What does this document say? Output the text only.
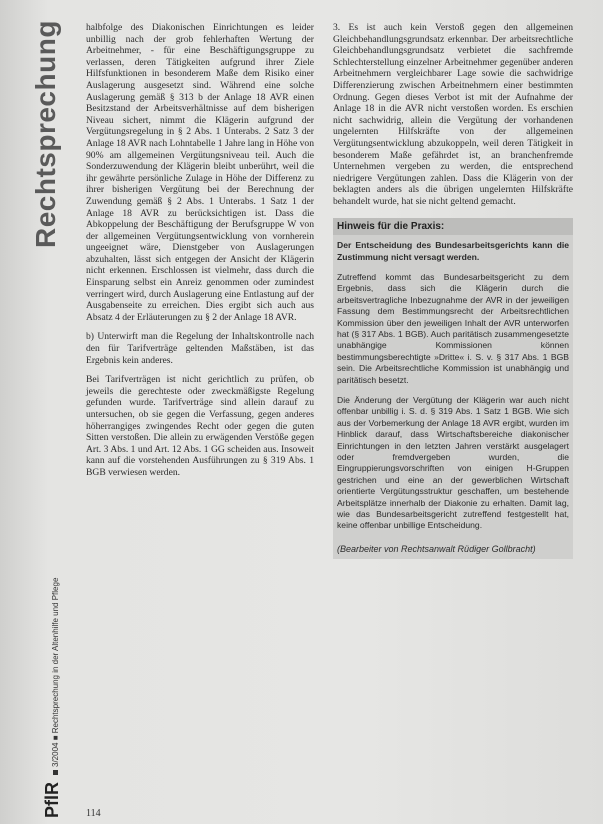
Rechtsprechung
PflR3/2004 ■ Rechtsprechung in der Altenhilfe und Pflege

halbfolge des Diakonischen Einrichtungen es leider unbillig nach der grob fehlerhaften Wertung der Arbeitnehmer, - für eine Beschäftigungsgruppe zu verlassen, deren Tätigkeiten aufgrund ihrer Ziele Hilfsfunktionen in besonderem Maße dem Risiko einer Auslagerung ausgesetzt sind. Während eine solche Auslagerung gemäß § 313 b der Anlage 18 AVR einen Besitzstand der Arbeitsverhältnisse auf dem bisherigen Niveau sichert, nimmt die Klägerin aufgrund der Vergütungsregelung in § 2 Abs. 1 Unterabs. 2 Satz 3 der Anlage 18 AVR nach Lohntabelle 1 Jahre lang in Höhe von 90% am allgemeinen Vergütungsniveau teil. Auch die Sonderzuwendung der Klägerin bleibt unberührt, weil die ihr gewährte persönliche Zulage in Höhe der Differenz zu ihrer bisherigen Vergütung bei der Berechnung der Zuwendung gemäß § 2 Abs. 1 Unterabs. 1 Satz 1 der Anlage 18 AVR zu berücksichtigen ist. Dass die Abkoppelung der Beschäftigung der Berufsgruppe W von der allgemeinen Vergütungsentwicklung von vornherein ungeeignet wäre, Dienstgeber von Auslagerungen abzuhalten, lässt sich entgegen der Ansicht der Klägerin nicht erkennen. Erschlossen ist vielmehr, dass durch die Einsparung selbst ein Anreiz genommen oder zumindest verringert wird, durch Auslagerung eine Entlastung auf der Ausgabenseite zu erreichen. Dies ergibt sich auch aus Absatz 4 der Erläuterungen zu § 2 der Anlage 18 AVR.

b) Unterwirft man die Regelung der Inhaltskontrolle nach den für Tarifverträge geltenden Maßstäben, ist das Ergebnis kein anderes.

Bei Tarifverträgen ist nicht gerichtlich zu prüfen, ob jeweils die gerechteste oder zweckmäßigste Regelung gefunden wurde. Tarifverträge sind allein darauf zu untersuchen, ob sie gegen die Verfassung, gegen anderes höherrangiges zwingendes Recht oder gegen die guten Sitten verstoßen. Die allein zu erwägenden Verstöße gegen Art. 3 Abs. 1 und Art. 12 Abs. 1 GG scheiden aus. Insoweit kann auf die vorstehenden Ausführungen zu § 319 Abs. 1 BGB verwiesen werden.

3. Es ist auch kein Verstoß gegen den allgemeinen Gleichbehandlungsgrundsatz erkennbar. Der arbeitsrechtliche Gleichbehandlungsgrundsatz verbietet die sachfremde Schlechterstellung einzelner Arbeitnehmer gegenüber anderen Arbeitnehmern vergleichbarer Lage sowie die sachwidrige Differenzierung zwischen Arbeitnehmern einer bestimmten Ordnung. Gegen dieses Verbot ist mit der Aufnahme der Anlage 18 in die AVR nicht verstoßen worden. Es erschien nicht sachwidrig, allein die Vergütung der vorhandenen ungelernten Hilfskräfte von der allgemeinen Vergütungsentwicklung abzukoppeln, weil deren Tätigkeit in besonderem Maße gefährdet ist, an branchenfremde Unternehmen vergeben zu werden, die entsprechend niedrigere Vergütungen zahlen. Dass die Klägerin von der beklagten anders als die übrigen ungelernten Hilfskräfte behandelt wurde, hat sie nicht geltend gemacht.

Hinweis für die Praxis:

Der Entscheidung des Bundesarbeitsgerichts kann die Zustimmung nicht versagt werden.

Zutreffend kommt das Bundesarbeitsgericht zu dem Ergebnis, dass sich die Klägerin durch die arbeitsvertragliche Inbezugnahme der AVR in der jeweiligen Fassung dem Bestimmungsrecht der Arbeitsrechtlichen Kommission über den jeweiligen Inhalt der AVR unterworfen hat (§ 317 Abs. 1 BGB). Auch paritätisch zusammengesetzte unabhängige Kommissionen können bestimmungsberechtigte »Dritte« i. S. v. § 317 Abs. 1 BGB sein. Die Arbeitsrechtliche Kommission ist unabhängig und paritätisch besetzt.

Die Änderung der Vergütung der Klägerin war auch nicht offenbar unbillig i. S. d. § 319 Abs. 1 Satz 1 BGB. Wie sich aus der Vorbemerkung der Anlage 18 AVR ergibt, wurden im Hinblick darauf, dass Wirtschaftsbereiche diakonischer Einrichtungen in den letzten Jahren verstärkt ausgelagert oder fremdvergeben wurden, die Eingruppierungsvorschriften von einigen H-Gruppen gestrichen und eine an der gewerblichen Wirtschaft orientierte Vergütungsstruktur geschaffen, um bestehende Arbeitsplätze innerhalb der Diakonie zu erhalten. Damit lag, wie das Bundesarbeitsgericht zutreffend festgestellt hat, keine offenbar unbillige Entscheidung.

(Bearbeiter von Rechtsanwalt Rüdiger Gollbracht)
114
